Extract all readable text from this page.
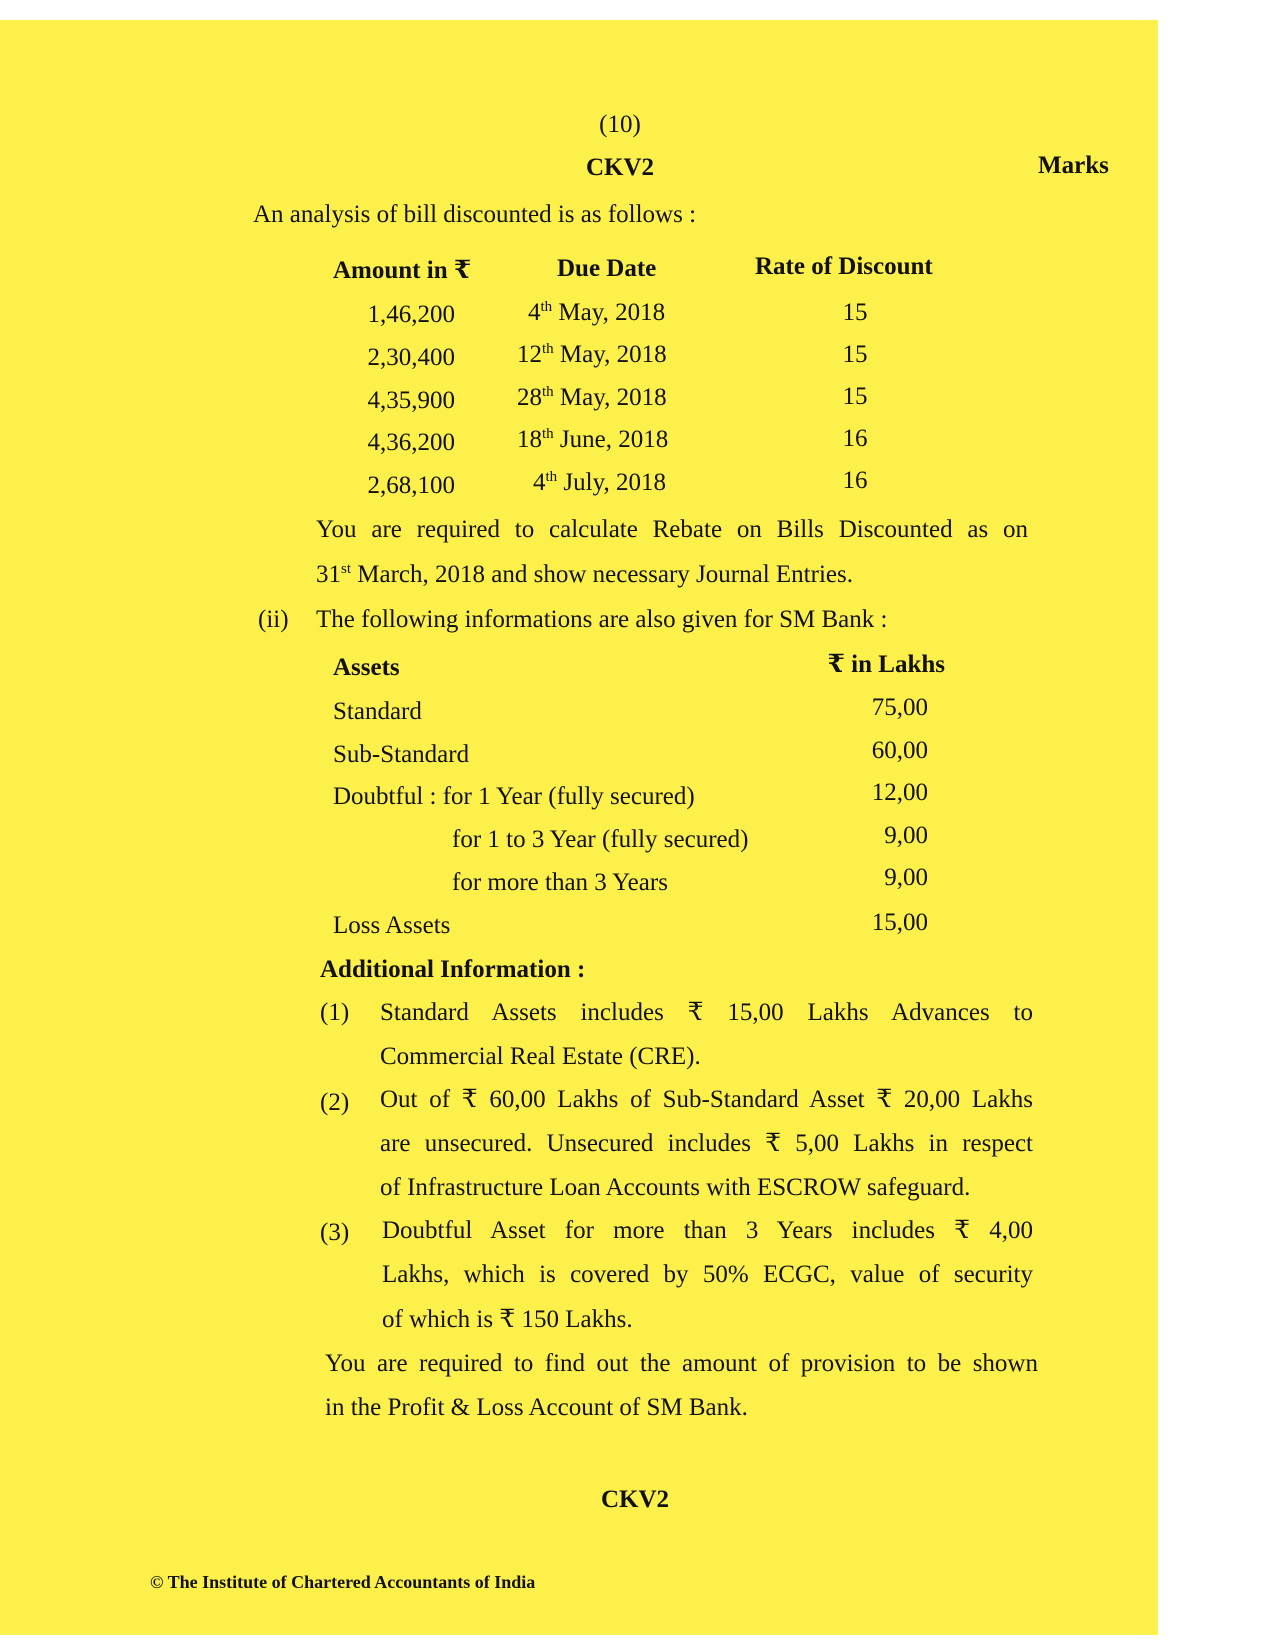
(10)
CKV2	Marks
An analysis of bill discounted is as follows :
Amount in ₹	Due Date	Rate of Discount
1,46,200	4th May, 2018	15
2,30,400 12th May, 2018	15
4,35,900 28th May, 2018	15
4,36,200 18th June, 2018	16
2,68,100	4th July, 2018	16
You are required to calculate Rebate on Bills Discounted as on
31st March, 2018 and show necessary Journal Entries.
(ii) The following informations are also given for SM Bank :
Assets	₹ in Lakhs
Standard	75,00
Sub-Standard	60,00
Doubtful : for 1 Year (fully secured)	12,00
for 1 to 3 Year (fully secured)	9,00
for more than 3 Years	9,00
Loss Assets	15,00
Additional Information :
(1) Standard Assets includes ₹ 15,00 Lakhs Advances to
Commercial Real Estate (CRE).
(2) Out of ₹ 60,00 Lakhs of Sub-Standard Asset ₹ 20,00 Lakhs
are unsecured. Unsecured includes ₹ 5,00 Lakhs in respect
of Infrastructure Loan Accounts with ESCROW safeguard.
(3) Doubtful Asset for more than 3 Years includes ₹ 4,00
Lakhs, which is covered by 50% ECGC, value of security
of which is ₹ 150 Lakhs.
You are required to find out the amount of provision to be shown
in the Profit & Loss Account of SM Bank.
CKV2
© The Institute of Chartered Accountants of India
